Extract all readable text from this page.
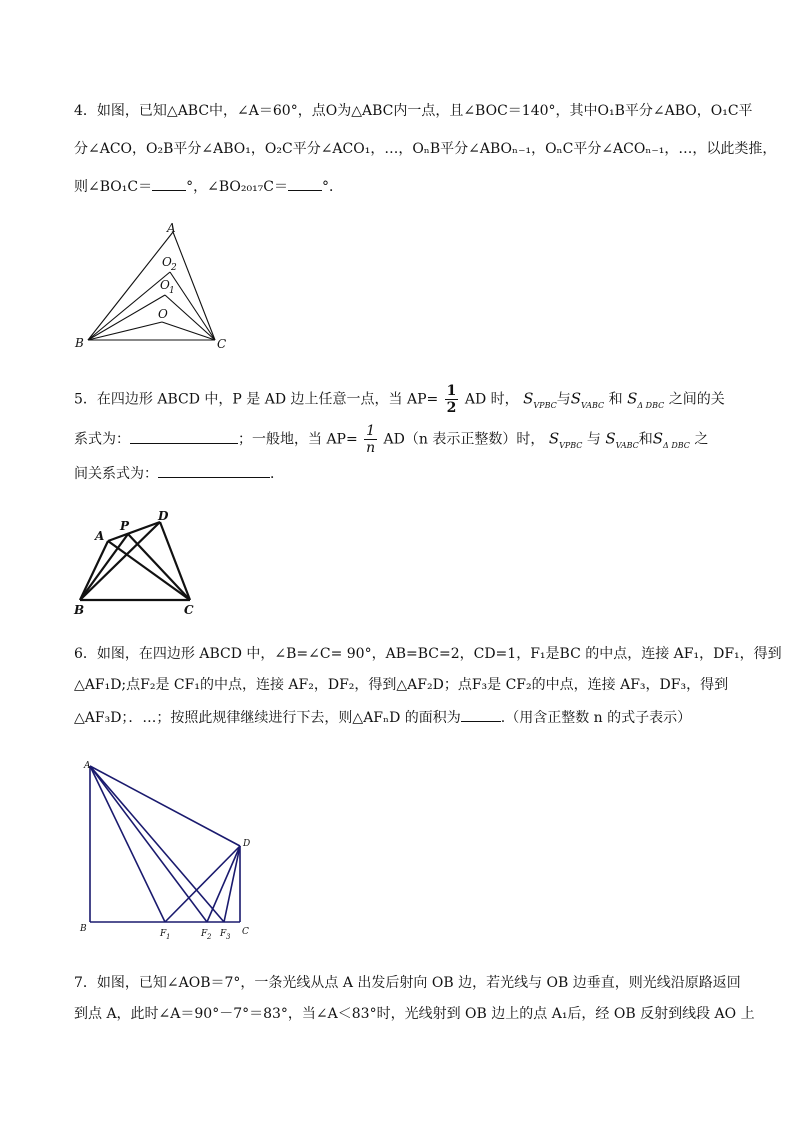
4．如图，已知△ABC中，∠A＝60°，点O为△ABC内一点，且∠BOC＝140°，其中O₁B平分∠ABO，O₁C平
分∠ACO，O₂B平分∠ABO₁，O₂C平分∠ACO₁，…，OₙB平分∠ABOₙ₋₁，OₙC平分∠ACOₙ₋₁，…，以此类推，
则∠BO₁C＝ °，∠BO₂₀₁₇C＝ °．
A
O 2
O 1
O
B	C
5．在四边形 ABCD 中，P 是 AD 边上任意一点，当 $AP= \frac{1}{2}$ AD 时， $S_{VPBC}$与$S_{VABC}$ 和 $S_{\Delta DBC}$ 之间的关
系式为：	；一般地，当 $AP= \frac{1}{n} AD(n$ 表示正整数）时， $S_{VPBC}$ 与 $S_{VABC}$和$S_{\Delta DBC}$ 之
间关系式为：	．
A
P
D
B	C
6．如图，在四边形 ABCD 中，∠B=∠C= 90°，AB=BC=2，CD=1，F₁是BC 的中点，连接 AF₁，DF₁，得到
△AF₁D;点F₂是 CF₁的中点，连接 AF₂，DF₂，得到△AF₂D；点F₃是 CF₂的中点，连接 AF₃，DF₃，得到
△AF₃D；．…；按照此规律继续进行下去，则△AFₙD 的面积为	.（用含正整数 n 的式子表示）
A
D
B	F 1	F 2 F 3 C
7．如图，已知∠AOB＝7°，一条光线从点 A 出发后射向 OB 边，若光线与 OB 边垂直，则光线沿原路返回
到点 A，此时∠A＝90°－7°＝83°，当∠A＜83°时，光线射到 OB 边上的点 A₁后，经 OB 反射到线段 AO 上
